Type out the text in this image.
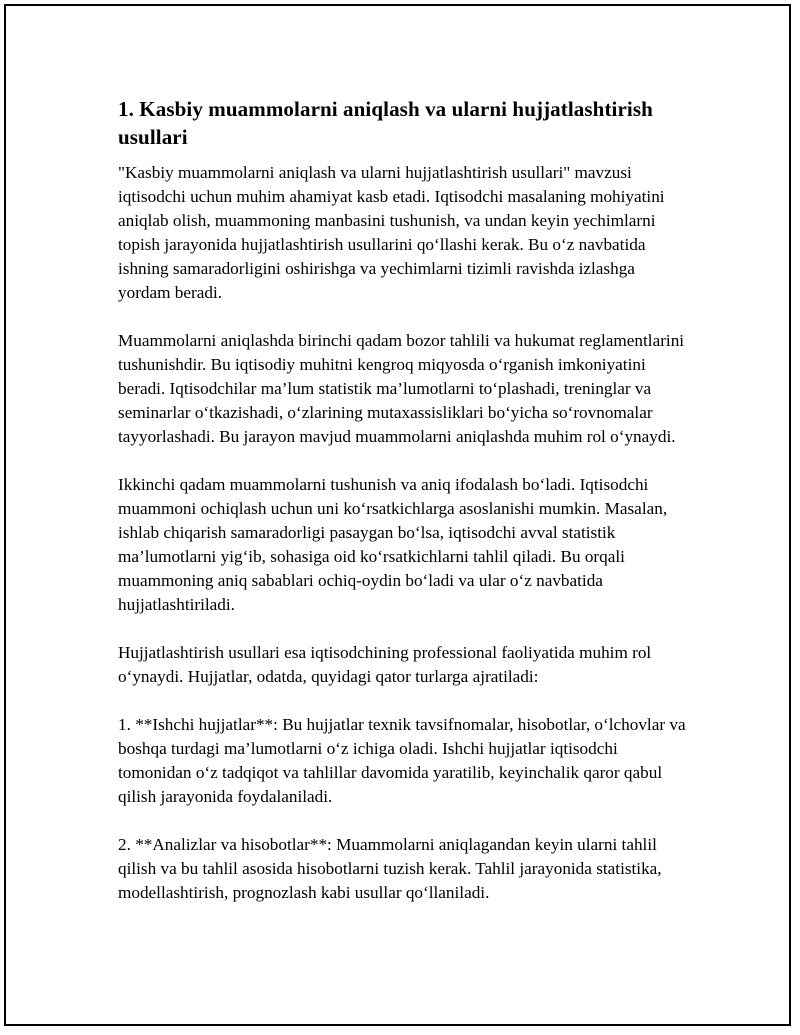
1. Kasbiy muammolarni aniqlash va ularni hujjatlashtirish usullari

"Kasbiy muammolarni aniqlash va ularni hujjatlashtirish usullari" mavzusi iqtisodchi uchun muhim ahamiyat kasb etadi. Iqtisodchi masalaning mohiyatini aniqlab olish, muammoning manbasini tushunish, va undan keyin yechimlarni topish jarayonida hujjatlashtirish usullarini qo‘llashi kerak. Bu o‘z navbatida ishning samaradorligini oshirishga va yechimlarni tizimli ravishda izlashga yordam beradi.

Muammolarni aniqlashda birinchi qadam bozor tahlili va hukumat reglamentlarini tushunishdir. Bu iqtisodiy muhitni kengroq miqyosda o‘rganish imkoniyatini beradi. Iqtisodchilar ma’lum statistik ma’lumotlarni to‘plashadi, treninglar va seminarlar o‘tkazishadi, o‘zlarining mutaxassisliklari bo‘yicha so‘rovnomalar tayyorlashadi. Bu jarayon mavjud muammolarni aniqlashda muhim rol o‘ynaydi.

Ikkinchi qadam muammolarni tushunish va aniq ifodalash bo‘ladi. Iqtisodchi muammoni ochiqlash uchun uni ko‘rsatkichlarga asoslanishi mumkin. Masalan, ishlab chiqarish samaradorligi pasaygan bo‘lsa, iqtisodchi avval statistik ma’lumotlarni yig‘ib, sohasiga oid ko‘rsatkichlarni tahlil qiladi. Bu orqali muammoning aniq sabablari ochiq-oydin bo‘ladi va ular o‘z navbatida hujjatlashtiriladi.

Hujjatlashtirish usullari esa iqtisodchining professional faoliyatida muhim rol o‘ynaydi. Hujjatlar, odatda, quyidagi qator turlarga ajratiladi:

1. **Ishchi hujjatlar**: Bu hujjatlar texnik tavsifnomalar, hisobotlar, o‘lchovlar va boshqa turdagi ma’lumotlarni o‘z ichiga oladi. Ishchi hujjatlar iqtisodchi tomonidan o‘z tadqiqot va tahlillar davomida yaratilib, keyinchalik qaror qabul qilish jarayonida foydalaniladi.

2. **Analizlar va hisobotlar**: Muammolarni aniqlagandan keyin ularni tahlil qilish va bu tahlil asosida hisobotlarni tuzish kerak. Tahlil jarayonida statistika, modellashtirish, prognozlash kabi usullar qo‘llaniladi.
